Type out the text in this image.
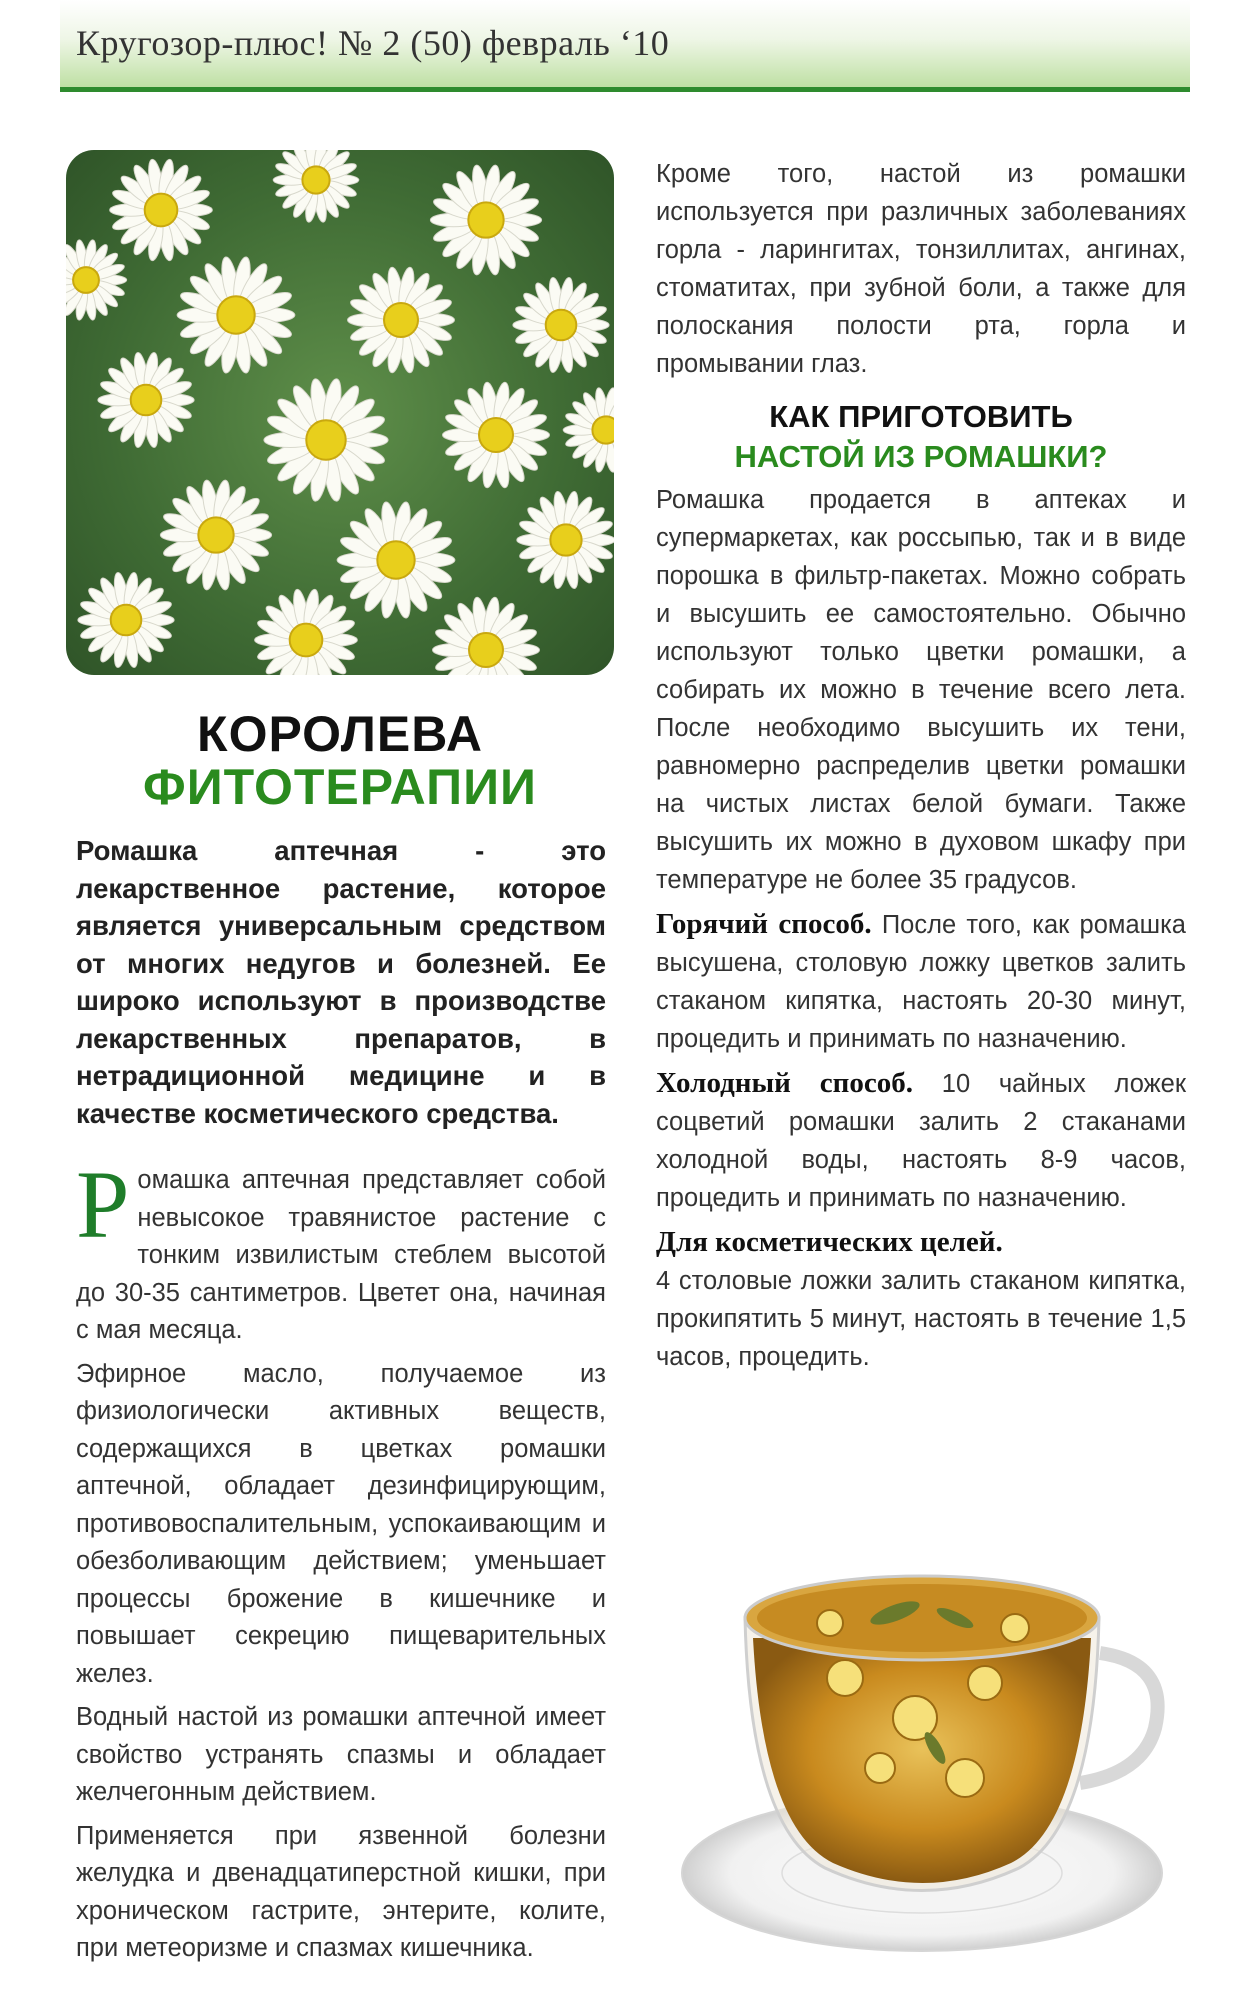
Кругозор-плюс! № 2 (50) февраль ‘10
КОРОЛЕВА
ФИТОТЕРАПИИ
Ромашка аптечная - это лекарственное растение, которое является универсальным средством от многих недугов и болезней. Ее широко используют в производстве лекарственных препаратов, в нетрадиционной медицине и в качестве косметического средства.

Ромашка аптечная представляет собой невысокое травянистое растение с тонким извилистым стеблем высотой до 30-35 сантиметров. Цветет она, начиная с мая месяца.

Эфирное масло, получаемое из физиологически активных веществ, содержащихся в цветках ромашки аптечной, обладает дезинфицирующим, противовоспалительным, успокаивающим и обезболивающим действием; уменьшает процессы брожение в кишечнике и повышает секрецию пищеварительных желез.

Водный настой из ромашки аптечной имеет свойство устранять спазмы и обладает желчегонным действием.

Применяется при язвенной болезни желудка и двенадцатиперстной кишки, при хроническом гастрите, энтерите, колите, при метеоризме и спазмах кишечника.

Кроме того, настой из ромашки используется при различных заболеваниях горла - ларингитах, тонзиллитах, ангинах, стоматитах, при зубной боли, а также для полоскания полости рта, горла и промывании глаз.

КАК ПРИГОТОВИТЬ
НАСТОЙ ИЗ РОМАШКИ?

Ромашка продается в аптеках и супермаркетах, как россыпью, так и в виде порошка в фильтр-пакетах. Можно собрать и высушить ее самостоятельно. Обычно используют только цветки ромашки, а собирать их можно в течение всего лета. После необходимо высушить их тени, равномерно распределив цветки ромашки на чистых листах белой бумаги. Также высушить их можно в духовом шкафу при температуре не более 35 градусов.

Горячий способ. После того, как ромашка высушена, столовую ложку цветков залить стаканом кипятка, настоять 20-30 минут, процедить и принимать по назначению.

Холодный способ. 10 чайных ложек соцветий ромашки залить 2 стаканами холодной воды, настоять 8-9 часов, процедить и принимать по назначению.

Для косметических целей.
4 столовые ложки залить стаканом кипятка, прокипятить 5 минут, настоять в течение 1,5 часов, процедить.
